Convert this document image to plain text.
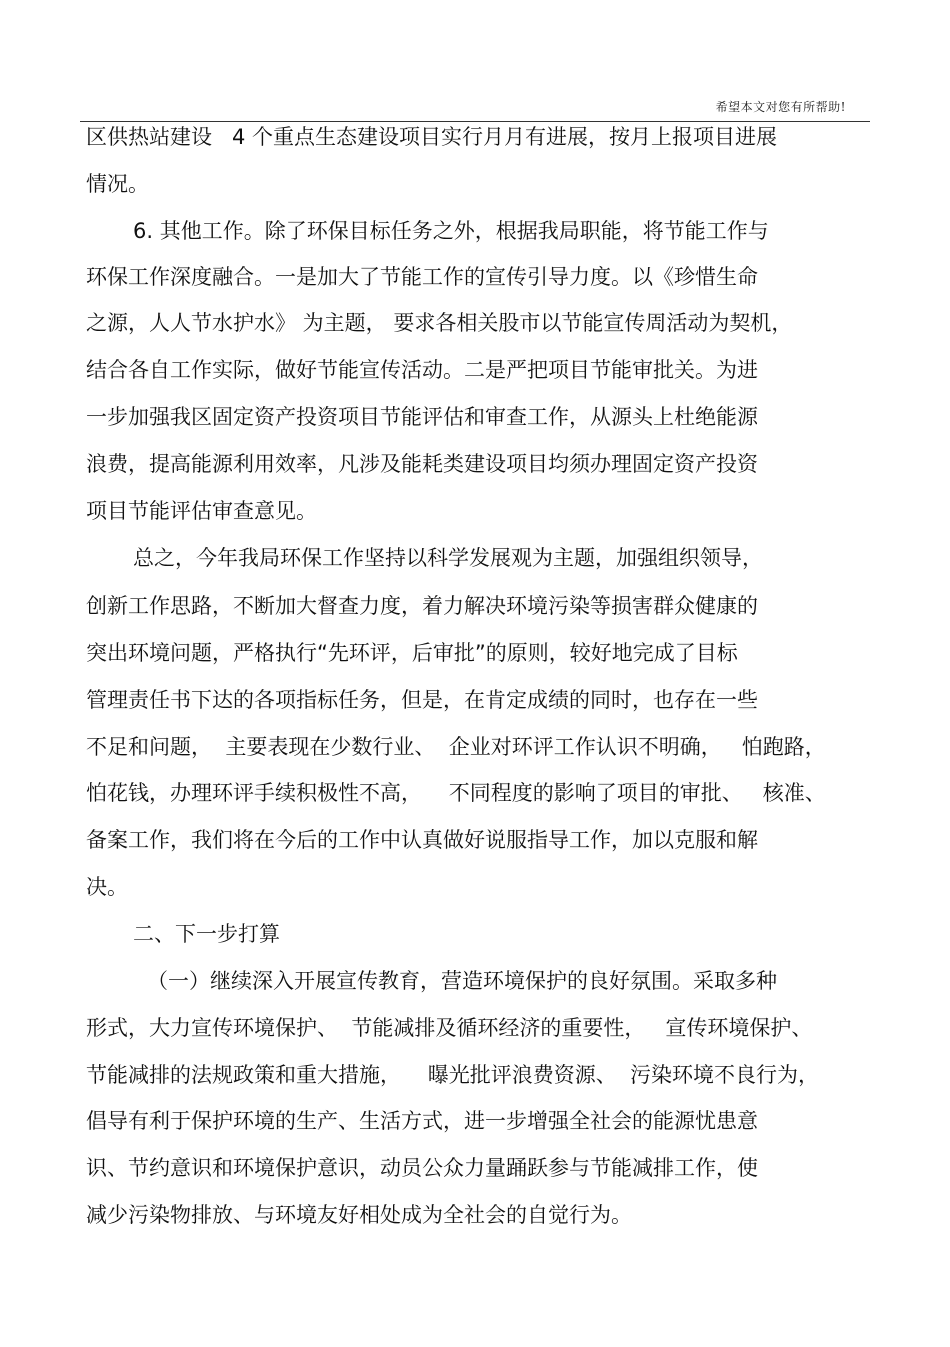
希望本文对您有所帮助!
区供热站建设   4 个重点生态建设项目实行月月有进展，按月上报项目进展
情况。
6. 其他工作。除了环保目标任务之外，根据我局职能，将节能工作与
环保工作深度融合。一是加大了节能工作的宣传引导力度。以《珍惜生命
之源，人人节水护水》 为主题， 要求各相关股市以节能宣传周活动为契机，
结合各自工作实际，做好节能宣传活动。二是严把项目节能审批关。为进
一步加强我区固定资产投资项目节能评估和审查工作，从源头上杜绝能源
浪费，提高能源利用效率，凡涉及能耗类建设项目均须办理固定资产投资
项目节能评估审查意见。
总之，今年我局环保工作坚持以科学发展观为主题，加强组织领导，
创新工作思路，不断加大督查力度，着力解决环境污染等损害群众健康的
突出环境问题，严格执行“先环评，后审批”的原则，较好地完成了目标
管理责任书下达的各项指标任务，但是，在肯定成绩的同时，也存在一些
不足和问题，  主要表现在少数行业、  企业对环评工作认识不明确，   怕跑路，
怕花钱，办理环评手续积极性不高，    不同程度的影响了项目的审批、   核准、
备案工作，我们将在今后的工作中认真做好说服指导工作，加以克服和解
决。
二、下一步打算
（一）继续深入开展宣传教育，营造环境保护的良好氛围。采取多种
形式，大力宣传环境保护、  节能减排及循环经济的重要性，   宣传环境保护、
节能减排的法规政策和重大措施，    曝光批评浪费资源、  污染环境不良行为，
倡导有利于保护环境的生产、生活方式，进一步增强全社会的能源忧患意
识、节约意识和环境保护意识，动员公众力量踊跃参与节能减排工作，使
减少污染物排放、与环境友好相处成为全社会的自觉行为。
